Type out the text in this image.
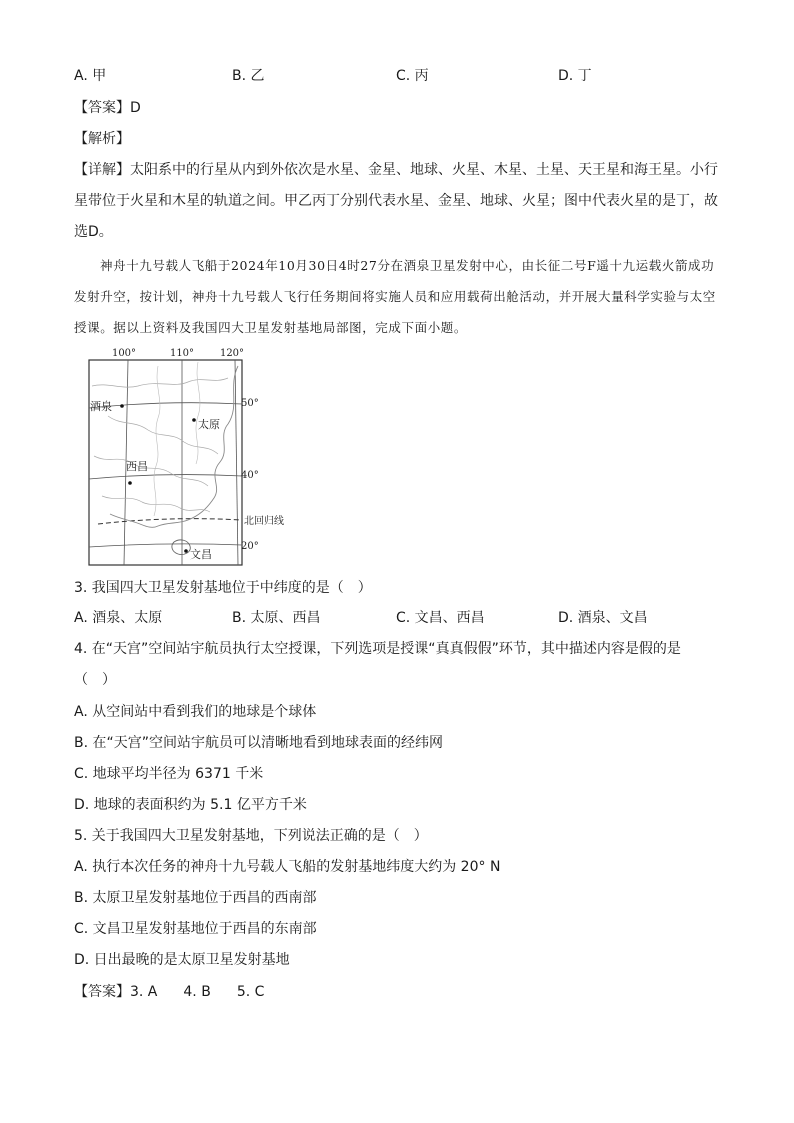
A. 甲	B. 乙	C. 丙	D. 丁
【答案】D
【解析】
【详解】太阳系中的行星从内到外依次是水星、金星、地球、火星、木星、土星、天王星和海王星。小行星带位于火星和木星的轨道之间。甲乙丙丁分别代表水星、金星、地球、火星；图中代表火星的是丁，故选D。
神舟十九号载人飞船于2024年10月30日4时27分在酒泉卫星发射中心，由长征二号F遥十九运载火箭成功发射升空，按计划，神舟十九号载人飞行任务期间将实施人员和应用载荷出舱活动，并开展大量科学实验与太空授课。据以上资料及我国四大卫星发射基地局部图，完成下面小题。
100°	110°	120°
50°
40°
20°
北回归线
酒泉
太原
西昌
文昌
3. 我国四大卫星发射基地位于中纬度的是（　）
A. 酒泉、太原	B. 太原、西昌	C. 文昌、西昌	D. 酒泉、文昌
4. 在“天宫”空间站宇航员执行太空授课，下列选项是授课“真真假假”环节，其中描述内容是假的是
（　）
A. 从空间站中看到我们的地球是个球体
B. 在“天宫”空间站宇航员可以清晰地看到地球表面的经纬网
C. 地球平均半径为 6371 千米
D. 地球的表面积约为 5.1 亿平方千米
5. 关于我国四大卫星发射基地，下列说法正确的是（　）
A. 执行本次任务的神舟十九号载人飞船的发射基地纬度大约为 20° N
B. 太原卫星发射基地位于西昌的西南部
C. 文昌卫星发射基地位于西昌的东南部
D. 日出最晚的是太原卫星发射基地
【答案】3. A 4. B 5. C
